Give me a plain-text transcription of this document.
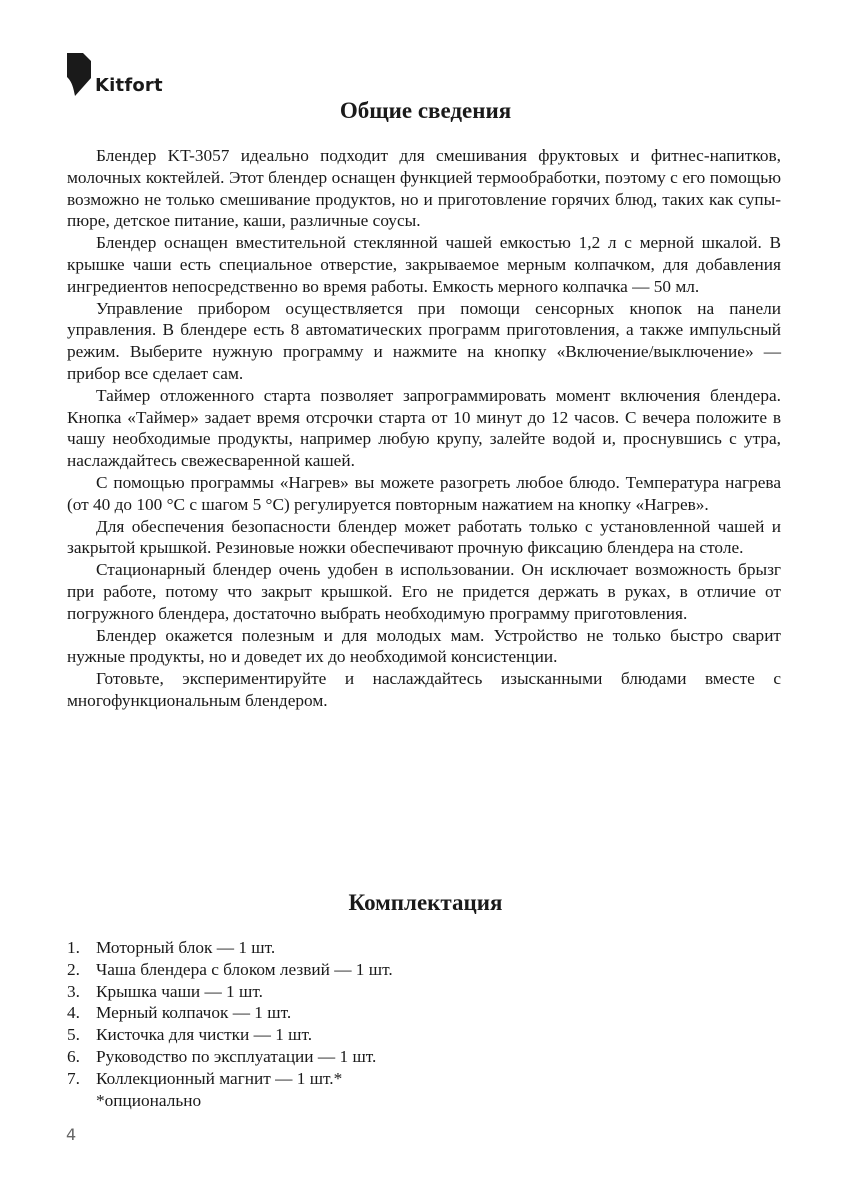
Kitfort
Общие сведения

Блендер KT-3057 идеально подходит для смешивания фруктовых и фитнес-напитков, молочных коктейлей. Этот блендер оснащен функцией термообработки, поэтому с его помощью возможно не только смешивание продуктов, но и приготовление горячих блюд, таких как супы-пюре, детское питание, каши, различные соусы.

Блендер оснащен вместительной стеклянной чашей емкостью 1,2 л с мерной шкалой. В крышке чаши есть специальное отверстие, закрываемое мерным колпачком, для добавления ингредиентов непосредственно во время работы. Емкость мерного колпачка — 50 мл.

Управление прибором осуществляется при помощи сенсорных кнопок на панели управления. В блендере есть 8 автоматических программ приготовления, а также импульсный режим. Выберите нужную программу и нажмите на кнопку «Включение/выключение» — прибор все сделает сам.

Таймер отложенного старта позволяет запрограммировать момент включения блендера. Кнопка «Таймер» задает время отсрочки старта от 10 минут до 12 часов. С вечера положите в чашу необходимые продукты, например любую крупу, залейте водой и, проснувшись с утра, наслаждайтесь свежесваренной кашей.

С помощью программы «Нагрев» вы можете разогреть любое блюдо. Температура нагрева (от 40 до 100 °С с шагом 5 °С) регулируется повторным нажатием на кнопку «Нагрев».

Для обеспечения безопасности блендер может работать только с установленной чашей и закрытой крышкой. Резиновые ножки обеспечивают прочную фиксацию блендера на столе.

Стационарный блендер очень удобен в использовании. Он исключает возможность брызг при работе, потому что закрыт крышкой. Его не придется держать в руках, в отличие от погружного блендера, достаточно выбрать необходимую программу приготовления.

Блендер окажется полезным и для молодых мам. Устройство не только быстро сварит нужные продукты, но и доведет их до необходимой консистенции.

Готовьте, экспериментируйте и наслаждайтесь изысканными блюдами вместе с многофункциональным блендером.

Комплектация
1. Моторный блок — 1 шт.
2. Чаша блендера с блоком лезвий — 1 шт.
3. Крышка чаши — 1 шт.
4. Мерный колпачок — 1 шт.
5. Кисточка для чистки — 1 шт.
6. Руководство по эксплуатации — 1 шт.
7. Коллекционный магнит — 1 шт.*
*опционально
4
